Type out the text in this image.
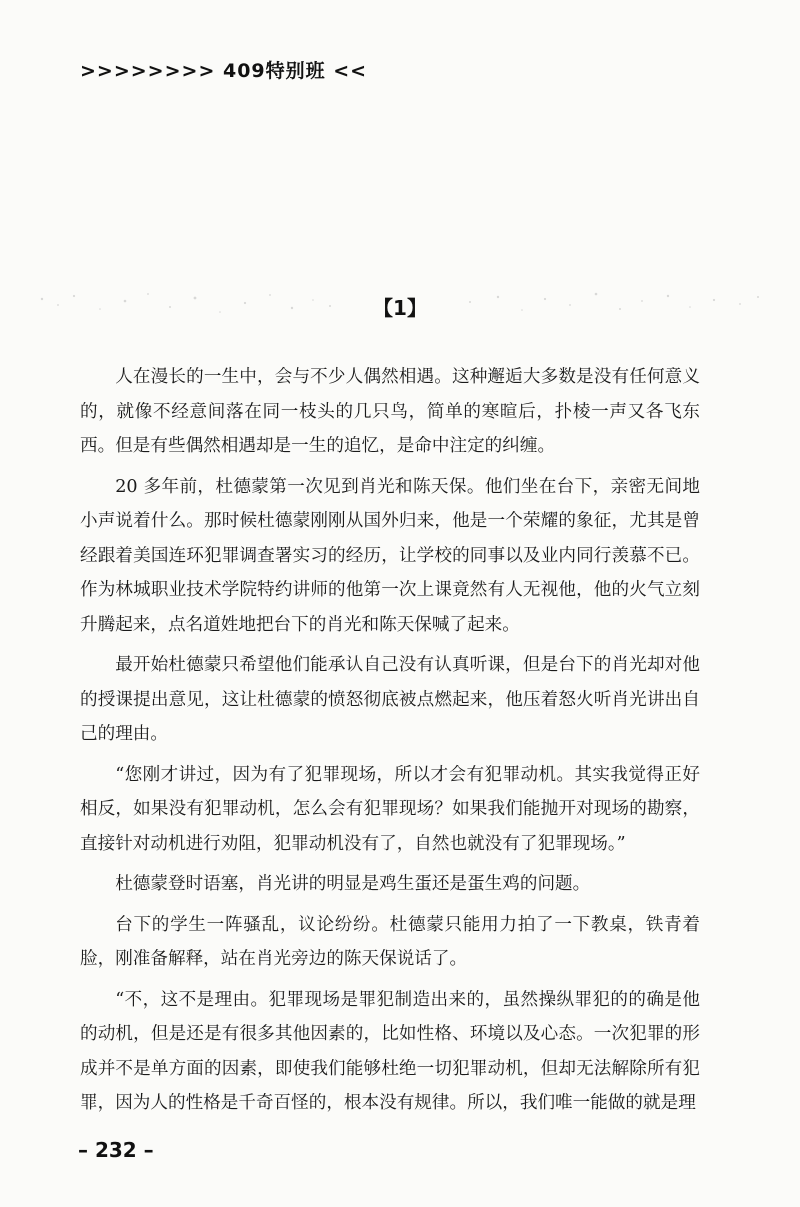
>>>>>>>> 409特别班 <<
【1】

人在漫长的一生中，会与不少人偶然相遇。这种邂逅大多数是没有任何意义的，就像不经意间落在同一枝头的几只鸟，简单的寒暄后，扑棱一声又各飞东西。但是有些偶然相遇却是一生的追忆，是命中注定的纠缠。

20 多年前，杜德蒙第一次见到肖光和陈天保。他们坐在台下，亲密无间地小声说着什么。那时候杜德蒙刚刚从国外归来，他是一个荣耀的象征，尤其是曾经跟着美国连环犯罪调查署实习的经历，让学校的同事以及业内同行羡慕不已。作为林城职业技术学院特约讲师的他第一次上课竟然有人无视他，他的火气立刻升腾起来，点名道姓地把台下的肖光和陈天保喊了起来。

最开始杜德蒙只希望他们能承认自己没有认真听课，但是台下的肖光却对他的授课提出意见，这让杜德蒙的愤怒彻底被点燃起来，他压着怒火听肖光讲出自己的理由。

“您刚才讲过，因为有了犯罪现场，所以才会有犯罪动机。其实我觉得正好相反，如果没有犯罪动机，怎么会有犯罪现场？如果我们能抛开对现场的勘察，直接针对动机进行劝阻，犯罪动机没有了，自然也就没有了犯罪现场。”

杜德蒙登时语塞，肖光讲的明显是鸡生蛋还是蛋生鸡的问题。

台下的学生一阵骚乱，议论纷纷。杜德蒙只能用力拍了一下教桌，铁青着脸，刚准备解释，站在肖光旁边的陈天保说话了。

“不，这不是理由。犯罪现场是罪犯制造出来的，虽然操纵罪犯的的确是他的动机，但是还是有很多其他因素的，比如性格、环境以及心态。一次犯罪的形成并不是单方面的因素，即使我们能够杜绝一切犯罪动机，但却无法解除所有犯罪，因为人的性格是千奇百怪的，根本没有规律。所以，我们唯一能做的就是理

– 232 –
